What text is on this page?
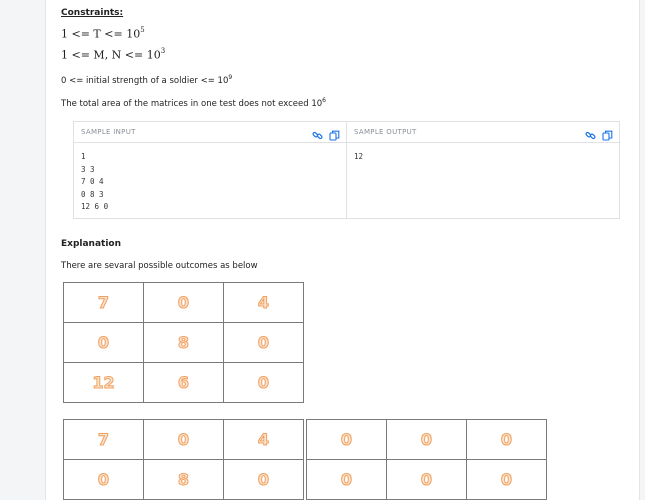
Constraints:
$1 <= T <= 10^5$
1 <= M, $N <= 10^3$
0 <= initial strength of a soldier <= $10^9$
The total area of the matrices in one test does not exceed $10^6$
SAMPLE INPUT
1
3 3
7 0 4
0 8 3
12 6 0
SAMPLE OUTPUT
12
Explanation
There are sevaral possible outcomes as below
7	0	4
0	8	0
12	6	0
7	0	4
0	8	0
0	0	0
0	0	0
